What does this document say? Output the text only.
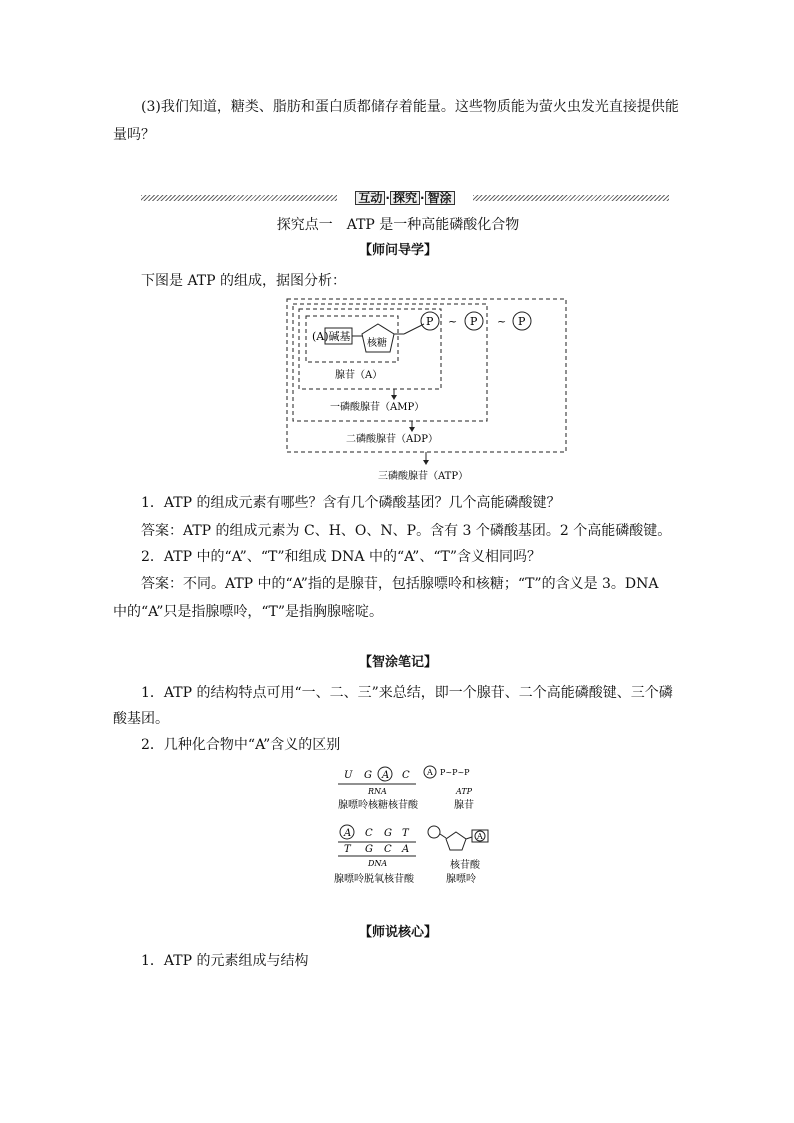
(3)我们知道，糖类、脂肪和蛋白质都储存着能量。这些物质能为萤火虫发光直接提供能
量吗？
互动 · 探究 · 智涂
探究点一　ATP 是一种高能磷酸化合物
【师问导学】
下图是 ATP 的组成，据图分析：
(A)碱基
核糖
P ~ P ~ P
腺苷（A）
一磷酸腺苷（AMP）
二磷酸腺苷（ADP）
三磷酸腺苷（ATP）
1．ATP 的组成元素有哪些？含有几个磷酸基团？几个高能磷酸键？
答案：ATP 的组成元素为 C、H、O、N、P。含有 3 个磷酸基团。2 个高能磷酸键。
2．ATP 中的“A”、“T”和组成 DNA 中的“A”、“T”含义相同吗？
答案：不同。ATP 中的“A”指的是腺苷，包括腺嘌呤和核糖；“T”的含义是 3。DNA
中的“A”只是指腺嘌呤，“T”是指胸腺嘧啶。
【智涂笔记】
1．ATP 的结构特点可用“一、二、三”来总结，即一个腺苷、二个高能磷酸键、三个磷
酸基团。
2．几种化合物中“A”含义的区别
U G A C
RNA
腺嘌呤核糖核苷酸
A P~P~P
ATP
腺苷
A C G T
T G C A
DNA
腺嘌呤脱氧核苷酸
A
核苷酸
腺嘌呤
【师说核心】
1．ATP 的元素组成与结构
